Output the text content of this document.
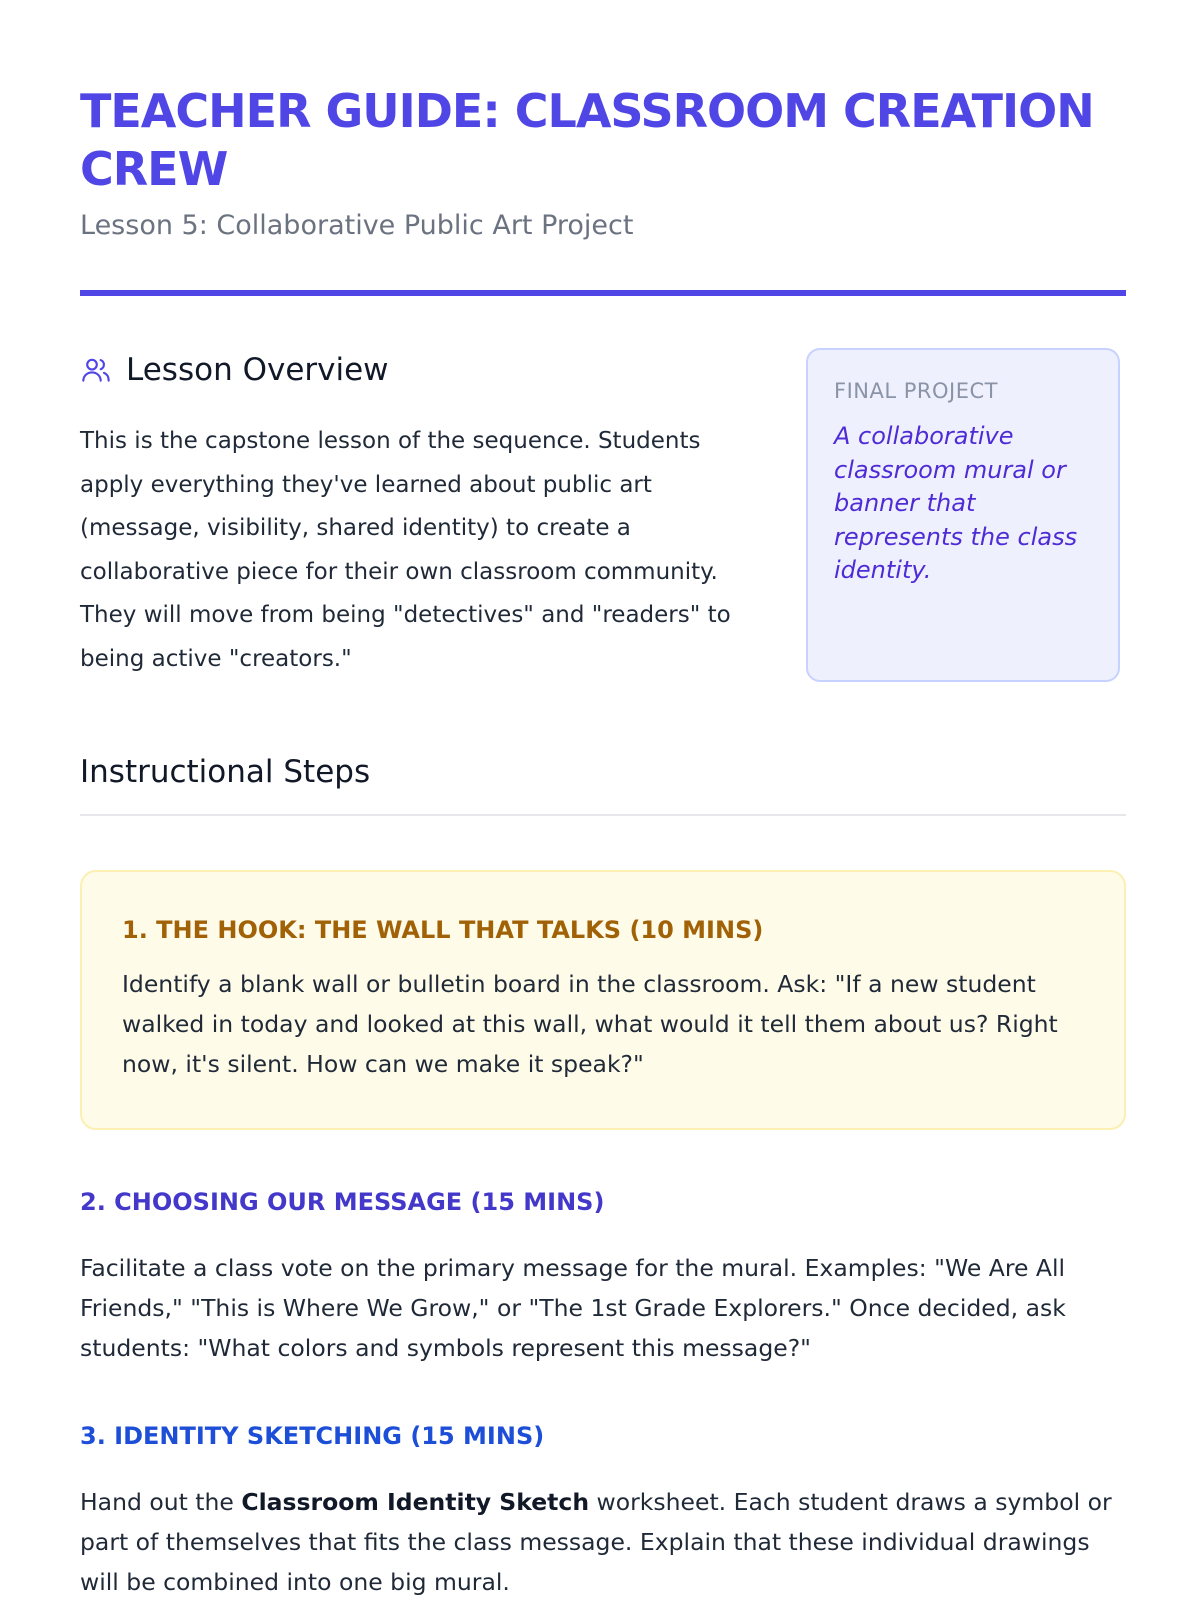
TEACHER GUIDE: CLASSROOM CREATION CREW
Lesson 5: Collaborative Public Art Project
Lesson Overview
This is the capstone lesson of the sequence. Students apply everything they've learned about public art (message, visibility, shared identity) to create a collaborative piece for their own classroom community. They will move from being "detectives" and "readers" to being active "creators."
FINAL PROJECT
A collaborative classroom mural or banner that represents the class identity.
Instructional Steps
1. THE HOOK: THE WALL THAT TALKS (10 MINS)
Identify a blank wall or bulletin board in the classroom. Ask: "If a new student walked in today and looked at this wall, what would it tell them about us? Right now, it's silent. How can we make it speak?"
2. CHOOSING OUR MESSAGE (15 MINS)
Facilitate a class vote on the primary message for the mural. Examples: "We Are All Friends," "This is Where We Grow," or "The 1st Grade Explorers." Once decided, ask students: "What colors and symbols represent this message?"
3. IDENTITY SKETCHING (15 MINS)
Hand out the Classroom Identity Sketch worksheet. Each student draws a symbol or part of themselves that fits the class message. Explain that these individual drawings will be combined into one big mural.
